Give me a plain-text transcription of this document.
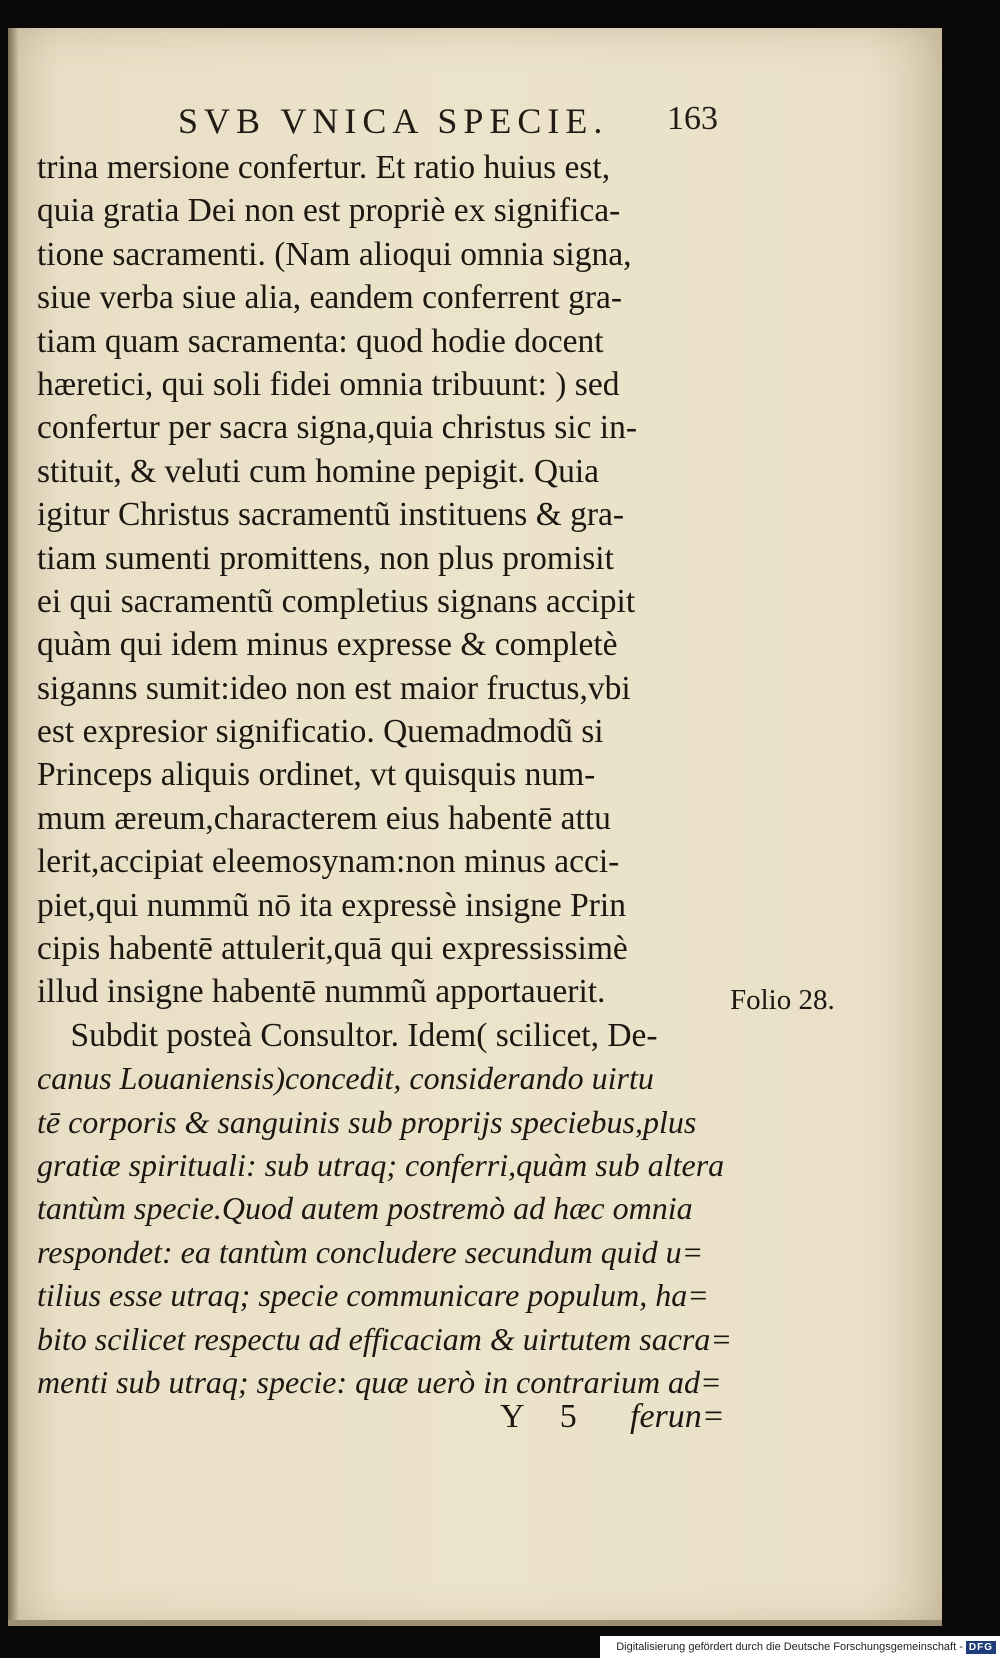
SVB VNICA SPECIE. 163
trina mersione confertur. Et ratio huius est,
quia gratia Dei non est propriè ex significa-
tione sacramenti. (Nam alioqui omnia signa,
siue verba siue alia, eandem conferrent gra-
tiam quam sacramenta: quod hodie docent
hæretici, qui soli fidei omnia tribuunt: ) sed
confertur per sacra signa,quia christus sic in-
stituit, & veluti cum homine pepigit. Quia
igitur Christus sacramentũ instituens & gra-
tiam sumenti promittens, non plus promisit
ei qui sacramentũ completius signans accipit
quàm qui idem minus expresse & completè
siganns sumit:ideo non est maior fructus,vbi
est expresior significatio. Quemadmodũ si
Princeps aliquis ordinet, vt quisquis num-
mum æreum,characterem eius habentē attu
lerit,accipiat eleemosynam:non minus acci-
piet,qui nummũ nō ita expressè insigne Prin
cipis habentē attulerit,quā qui expressissimè
illud insigne habentē nummũ apportauerit.
Subdit posteà Consultor. Idem( scilicet, De-
canus Louaniensis)concedit, considerando uirtu
tē corporis & sanguinis sub proprijs speciebus,plus
gratiæ spirituali: sub utraq; conferri,quàm sub altera
tantùm specie.Quod autem postremò ad hæc omnia
respondet: ea tantùm concludere secundum quid u=
tilius esse utraq; specie communicare populum, ha=
bito scilicet respectu ad efficaciam & uirtutem sacra=
menti sub utraq; specie: quæ uerò in contrarium ad=
Folio 28.
Y 5 ferun=
Digitalisierung gefördert durch die Deutsche Forschungsgemeinschaft - DFG
